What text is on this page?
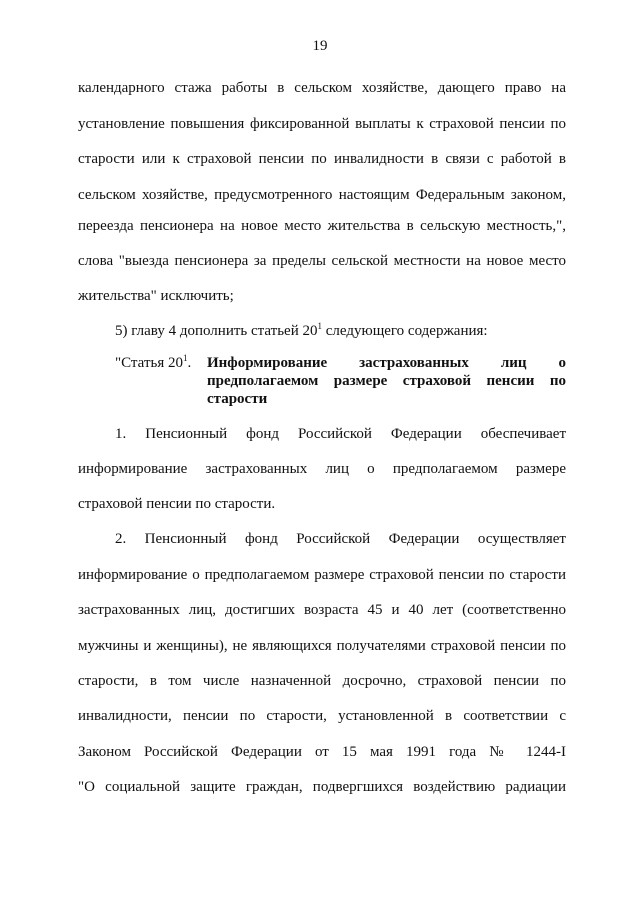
19
календарного стажа работы в сельском хозяйстве, дающего право на
установление повышения фиксированной выплаты к страховой пенсии по
старости или к страховой пенсии по инвалидности в связи с работой в
сельском хозяйстве, предусмотренного настоящим Федеральным законом,
переезда пенсионера на новое место жительства в сельскую местность,",
слова "выезда пенсионера за пределы сельской местности на новое место
жительства" исключить;
5) главу 4 дополнить статьей $20^1$ следующего содержания:
"Статья $20^1$. Информирование застрахованных лиц о
предполагаемом размере страховой пенсии по
старости
1. Пенсионный фонд Российской Федерации обеспечивает
информирование застрахованных лиц о предполагаемом размере
страховой пенсии по старости.
2. Пенсионный фонд Российской Федерации осуществляет
информирование о предполагаемом размере страховой пенсии по старости
застрахованных лиц, достигших возраста 45 и 40 лет (соответственно
мужчины и женщины), не являющихся получателями страховой пенсии по
старости, в том числе назначенной досрочно, страховой пенсии по
инвалидности, пенсии по старости, установленной в соответствии с
Законом Российской Федерации от 15 мая 1991 года № 1244-I
"О социальной защите граждан, подвергшихся воздействию радиации
